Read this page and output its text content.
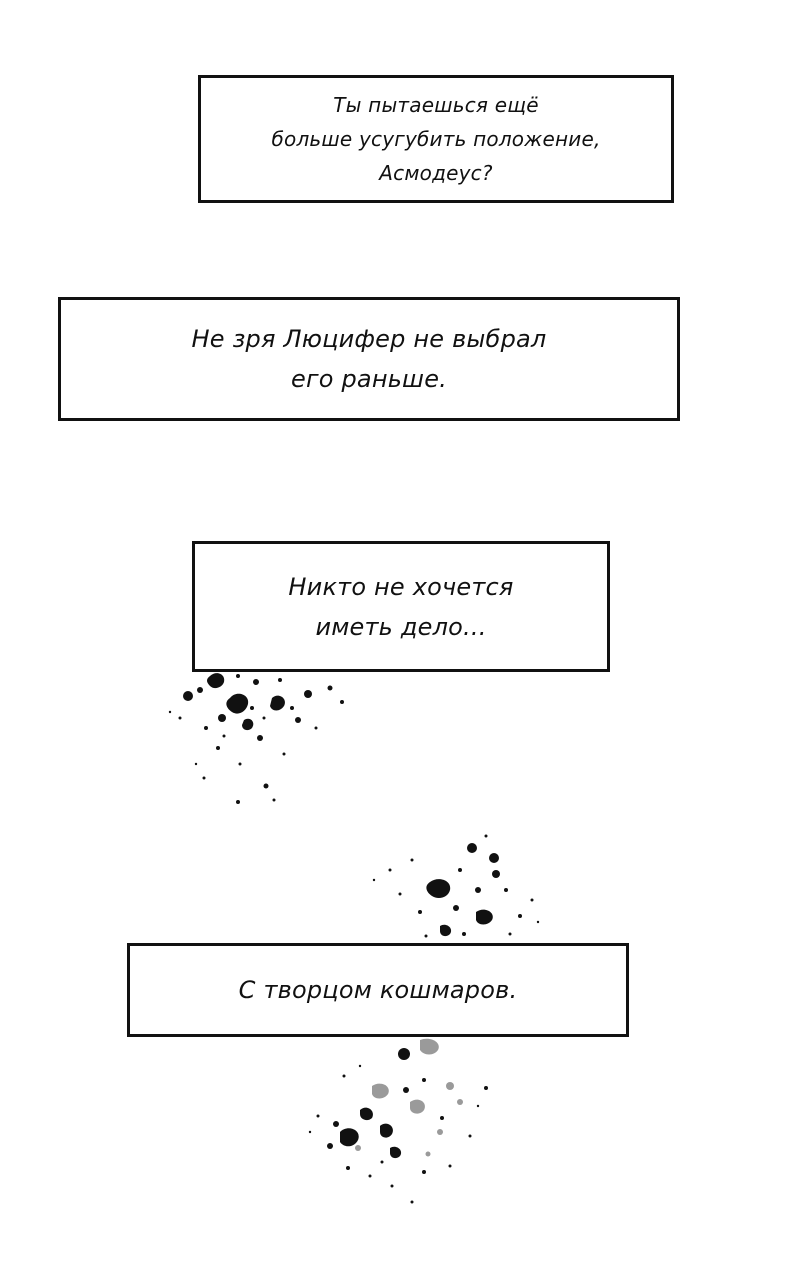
Ты пытаешься ещё
больше усугубить положение,
Асмодеус?
Не зря Люцифер не выбрал
его раньше.
Никто не хочется
иметь дело...
С творцом кошмаров.
